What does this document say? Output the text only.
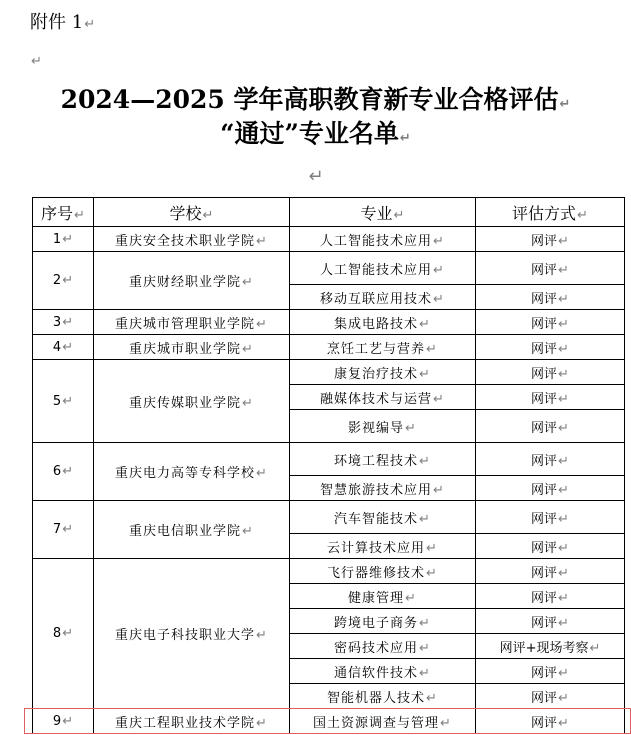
附件 1↵
↵
2024—2025 学年高职教育新专业合格评估↵
“通过”专业名单↵
↵
序号↵	学校↵	专业↵	评估方式↵
1↵	重庆安全技术职业学院↵	人工智能技术应用↵	网评↵
2↵	重庆财经职业学院↵	人工智能技术应用↵	网评↵
		移动互联应用技术↵	网评↵
3↵	重庆城市管理职业学院↵	集成电路技术↵	网评↵
4↵	重庆城市职业学院↵	烹饪工艺与营养↵	网评↵
5↵	重庆传媒职业学院↵	康复治疗技术↵	网评↵
		融媒体技术与运营↵	网评↵
		影视编导↵	网评↵
6↵	重庆电力高等专科学校↵	环境工程技术↵	网评↵
		智慧旅游技术应用↵	网评↵
7↵	重庆电信职业学院↵	汽车智能技术↵	网评↵
		云计算技术应用↵	网评↵
8↵	重庆电子科技职业大学↵	飞行器维修技术↵	网评↵
		健康管理↵	网评↵
		跨境电子商务↵	网评↵
		密码技术应用↵	网评+现场考察↵
		通信软件技术↵	网评↵
		智能机器人技术↵	网评↵
9↵	重庆工程职业技术学院↵	国土资源调查与管理↵	网评↵
